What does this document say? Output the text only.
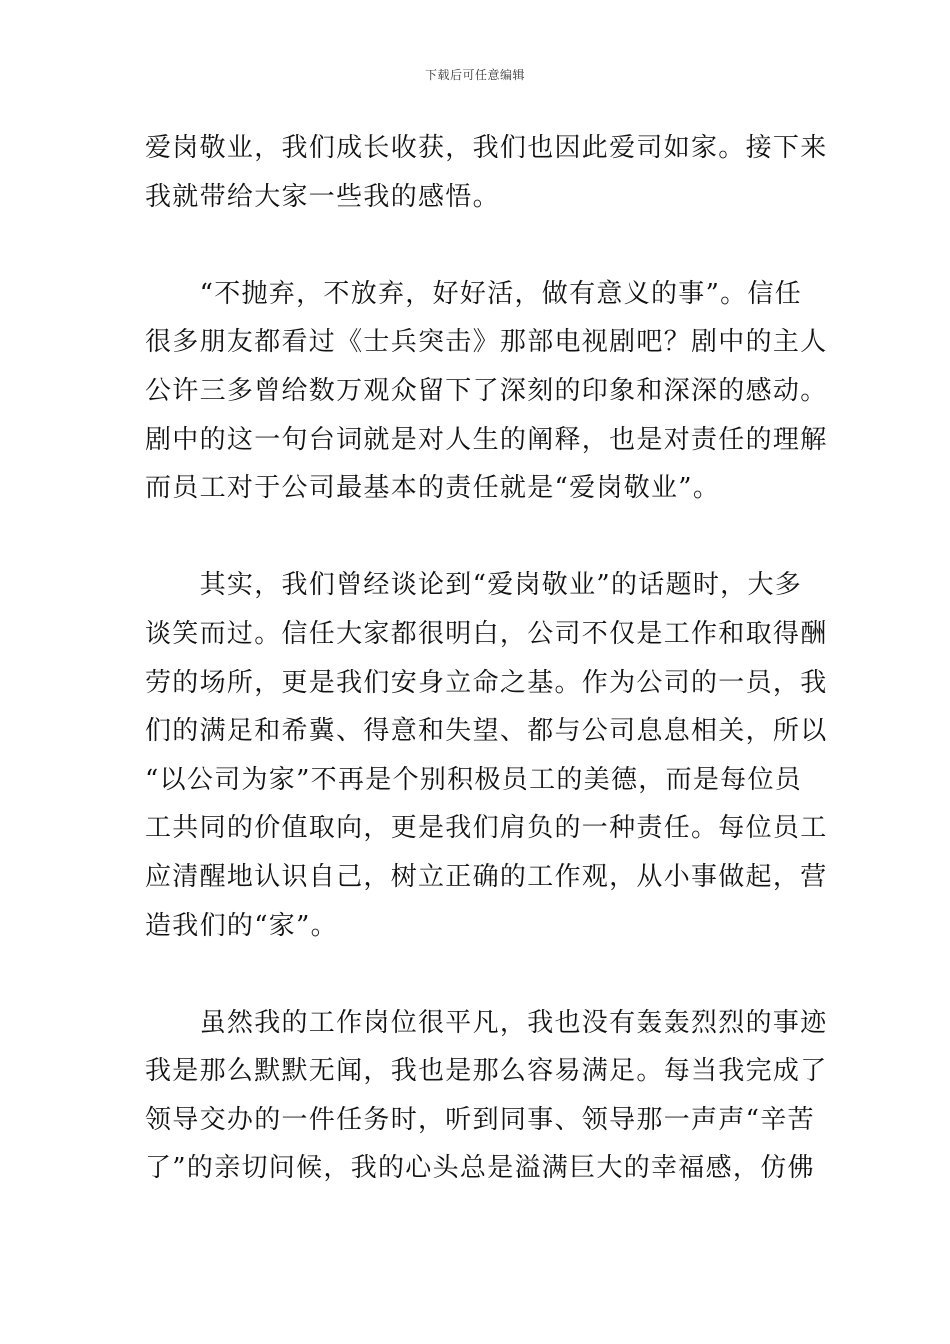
下载后可任意编辑

爱岗敬业，我们成长收获，我们也因此爱司如家。接下来
我就带给大家一些我的感悟。

　　“不抛弃，不放弃，好好活，做有意义的事”。信任
很多朋友都看过《士兵突击》那部电视剧吧？剧中的主人
公许三多曾给数万观众留下了深刻的印象和深深的感动。
剧中的这一句台词就是对人生的阐释，也是对责任的理解
而员工对于公司最基本的责任就是“爱岗敬业”。

　　其实，我们曾经谈论到“爱岗敬业”的话题时，大多
谈笑而过。信任大家都很明白，公司不仅是工作和取得酬
劳的场所，更是我们安身立命之基。作为公司的一员，我
们的满足和希冀、得意和失望、都与公司息息相关，所以
“以公司为家”不再是个别积极员工的美德，而是每位员
工共同的价值取向，更是我们肩负的一种责任。每位员工
应清醒地认识自己，树立正确的工作观，从小事做起，营
造我们的“家”。

　　虽然我的工作岗位很平凡，我也没有轰轰烈烈的事迹
我是那么默默无闻，我也是那么容易满足。每当我完成了
领导交办的一件任务时，听到同事、领导那一声声“辛苦
了”的亲切问候，我的心头总是溢满巨大的幸福感，仿佛
